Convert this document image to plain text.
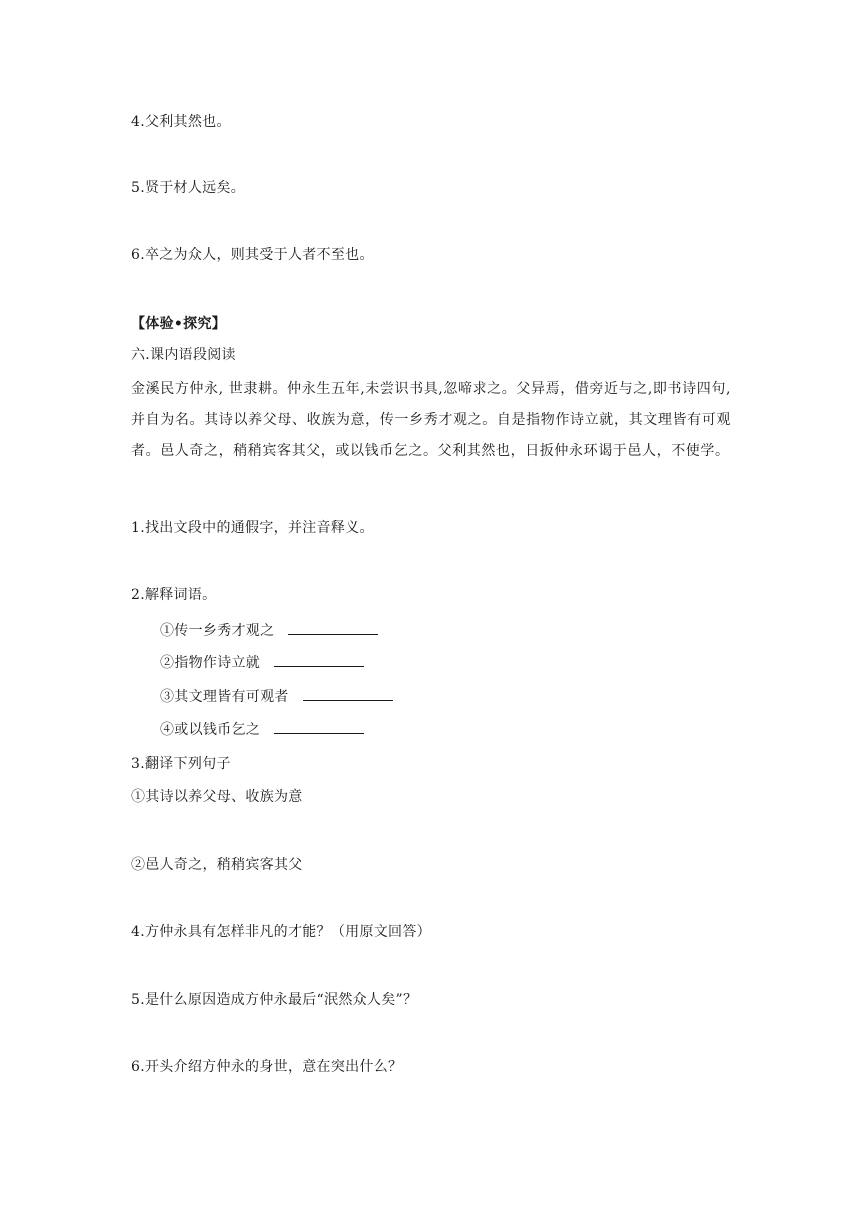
4.父利其然也。
5.贤于材人远矣。
6.卒之为众人，则其受于人者不至也。
【体验•探究】
六.课内语段阅读
金溪民方仲永, 世隶耕。仲永生五年,未尝识书具,忽啼求之。父异焉，借旁近与之,即书诗四句, 并自为名。其诗以养父母、收族为意，传一乡秀才观之。自是指物作诗立就，其文理皆有可观者。邑人奇之，稍稍宾客其父，或以钱币乞之。父利其然也，日扳仲永环谒于邑人，不使学。
1.找出文段中的通假字，并注音释义。
2.解释词语。
①传一乡秀才观之
②指物作诗立就
③其文理皆有可观者
④或以钱币乞之
3.翻译下列句子
①其诗以养父母、收族为意
②邑人奇之，稍稍宾客其父
4.方仲永具有怎样非凡的才能？（用原文回答）
5.是什么原因造成方仲永最后“泯然众人矣”？
6.开头介绍方仲永的身世，意在突出什么？
